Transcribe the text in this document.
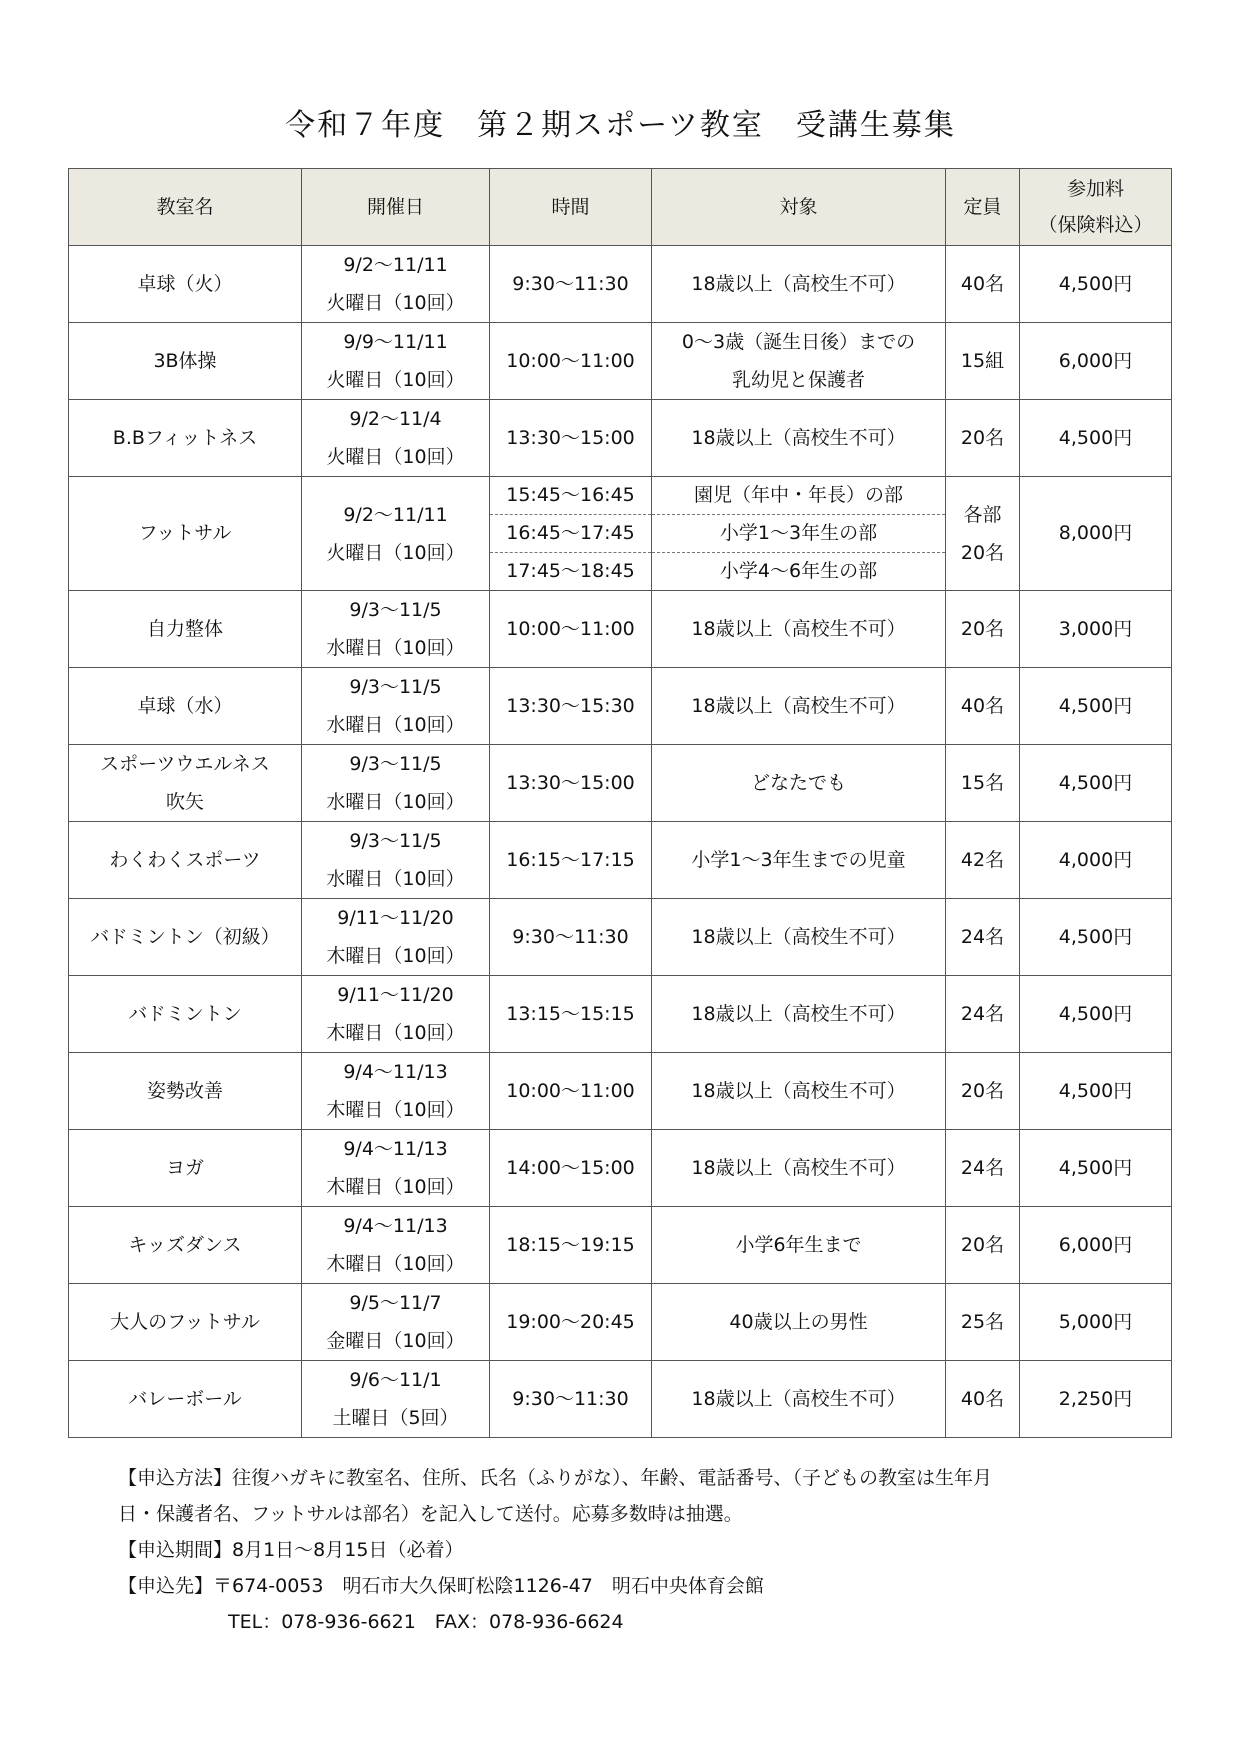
令和７年度　第２期スポーツ教室　受講生募集
教室名	開催日	時間	対象	定員	参加料
（保険料込）

卓球（火）	9/2～11/11
火曜日（10回）	9:30～11:30	18歳以上（高校生不可）	40名	4,500円

3B体操	9/9～11/11
火曜日（10回）	10:00～11:00	0～3歳（誕生日後）までの
乳幼児と保護者	15組	6,000円

B.Bフィットネス	9/2～11/4
火曜日（10回）	13:30～15:00	18歳以上（高校生不可）	20名	4,500円
フットサル	9/2～11/11
火曜日（10回）	15:45～16:45	園児（年中・年長）の部	各部
20名	8,000円
		16:45～17:45	小学1～3年生の部		
		17:45～18:45	小学4～6年生の部		

自力整体	9/3～11/5
水曜日（10回）	10:00～11:00	18歳以上（高校生不可）	20名	3,000円

卓球（水）	9/3～11/5
水曜日（10回）	13:30～15:30	18歳以上（高校生不可）	40名	4,500円

スポーツウエルネス
吹矢	9/3～11/5
水曜日（10回）	13:30～15:00	どなたでも	15名	4,500円

わくわくスポーツ	9/3～11/5
水曜日（10回）	16:15～17:15	小学1～3年生までの児童	42名	4,000円

バドミントン（初級）	9/11～11/20
木曜日（10回）	9:30～11:30	18歳以上（高校生不可）	24名	4,500円

バドミントン	9/11～11/20
木曜日（10回）	13:15～15:15	18歳以上（高校生不可）	24名	4,500円

姿勢改善	9/4～11/13
木曜日（10回）	10:00～11:00	18歳以上（高校生不可）	20名	4,500円

ヨガ	9/4～11/13
木曜日（10回）	14:00～15:00	18歳以上（高校生不可）	24名	4,500円

キッズダンス	9/4～11/13
木曜日（10回）	18:15～19:15	小学6年生まで	20名	6,000円

大人のフットサル	9/5～11/7
金曜日（10回）	19:00～20:45	40歳以上の男性	25名	5,000円

バレーボール	9/6～11/1
土曜日（5回）	9:30～11:30	18歳以上（高校生不可）	40名	2,250円

【申込方法】往復ハガキに教室名、住所、氏名（ふりがな）、年齢、電話番号、（子どもの教室は生年月

日・保護者名、フットサルは部名）を記入して送付。応募多数時は抽選。

【申込期間】8月1日～8月15日（必着）

【申込先】〒674-0053　明石市大久保町松陰1126-47　明石中央体育会館

TEL：078-936-6621　FAX：078-936-6624
